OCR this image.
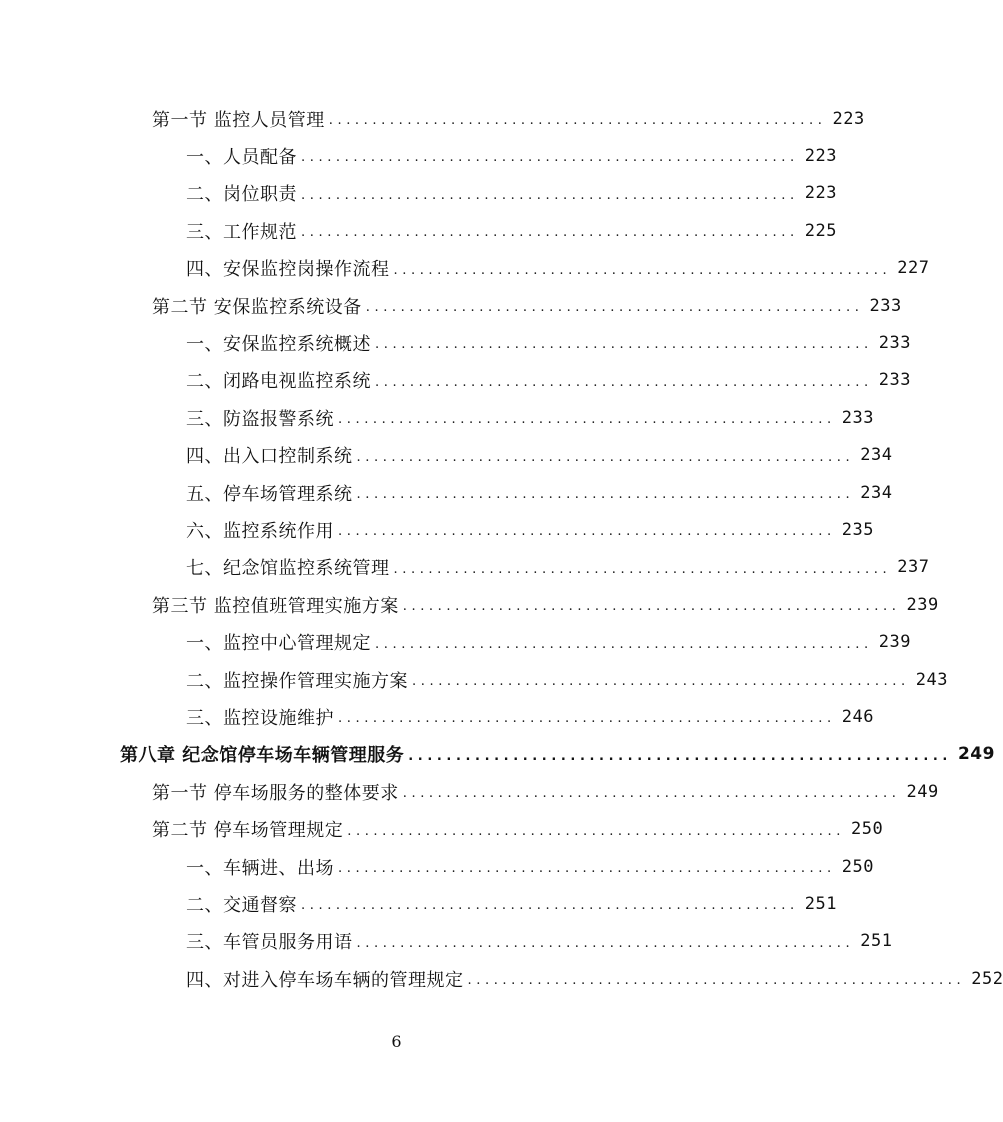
第一节 监控人员管理 ......................................................... 223
一、人员配备 ......................................................... 223
二、岗位职责 ......................................................... 223
三、工作规范 ......................................................... 225
四、安保监控岗操作流程 ......................................................... 227
第二节 安保监控系统设备 ......................................................... 233
一、安保监控系统概述 ......................................................... 233
二、闭路电视监控系统 ......................................................... 233
三、防盗报警系统 ......................................................... 233
四、出入口控制系统 ......................................................... 234
五、停车场管理系统 ......................................................... 234
六、监控系统作用 ......................................................... 235
七、纪念馆监控系统管理 ......................................................... 237
第三节 监控值班管理实施方案 ......................................................... 239
一、监控中心管理规定 ......................................................... 239
二、监控操作管理实施方案 ......................................................... 243
三、监控设施维护 ......................................................... 246
第八章 纪念馆停车场车辆管理服务 ......................................................... 249
第一节 停车场服务的整体要求 ......................................................... 249
第二节 停车场管理规定 ......................................................... 250
一、车辆进、出场 ......................................................... 250
二、交通督察 ......................................................... 251
三、车管员服务用语 ......................................................... 251
四、对进入停车场车辆的管理规定 ......................................................... 252
6
